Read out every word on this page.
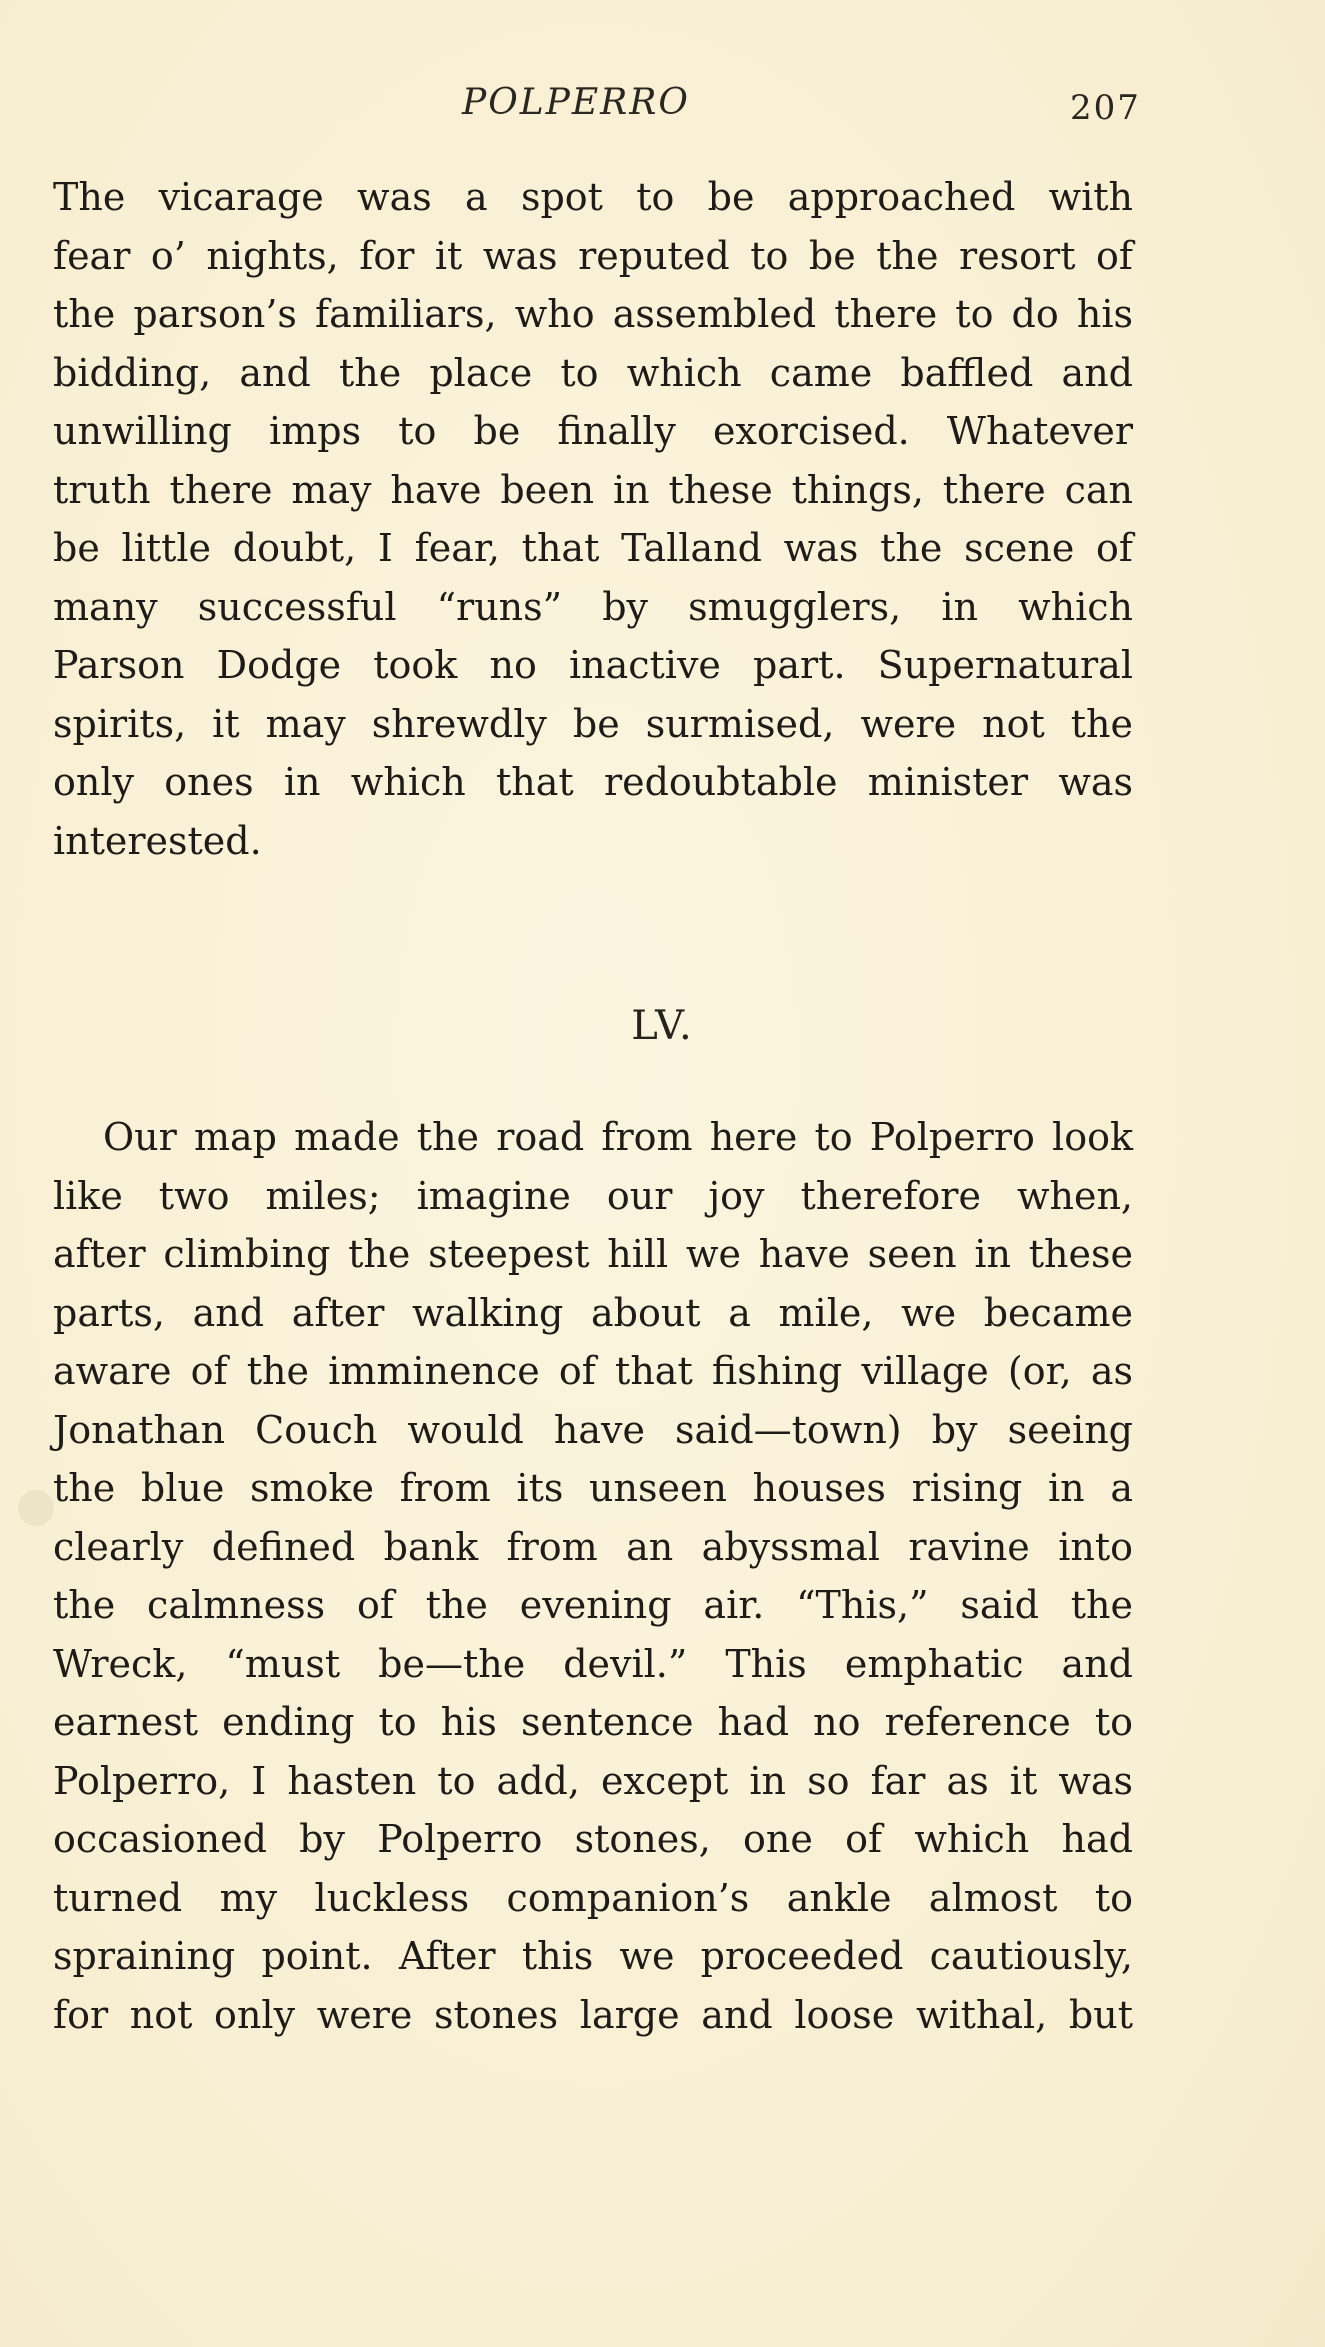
POLPERRO	207
The vicarage was a spot to be approached with
fear o’ nights, for it was reputed to be the resort of
the parson’s familiars, who assembled there to do his
bidding, and the place to which came baffled and
unwilling imps to be finally exorcised. Whatever
truth there may have been in these things, there can
be little doubt, I fear, that Talland was the scene of
many successful “runs” by smugglers, in which
Parson Dodge took no inactive part. Supernatural
spirits, it may shrewdly be surmised, were not the
only ones in which that redoubtable minister was
interested.
LV.
Our map made the road from here to Polperro look
like two miles; imagine our joy therefore when,
after climbing the steepest hill we have seen in these
parts, and after walking about a mile, we became
aware of the imminence of that fishing village (or, as
Jonathan Couch would have said—town) by seeing
the blue smoke from its unseen houses rising in a
clearly defined bank from an abyssmal ravine into
the calmness of the evening air. “This,” said the
Wreck, “must be—the devil.” This emphatic and
earnest ending to his sentence had no reference to
Polperro, I hasten to add, except in so far as it was
occasioned by Polperro stones, one of which had
turned my luckless companion’s ankle almost to
spraining point. After this we proceeded cautiously,
for not only were stones large and loose withal, but
